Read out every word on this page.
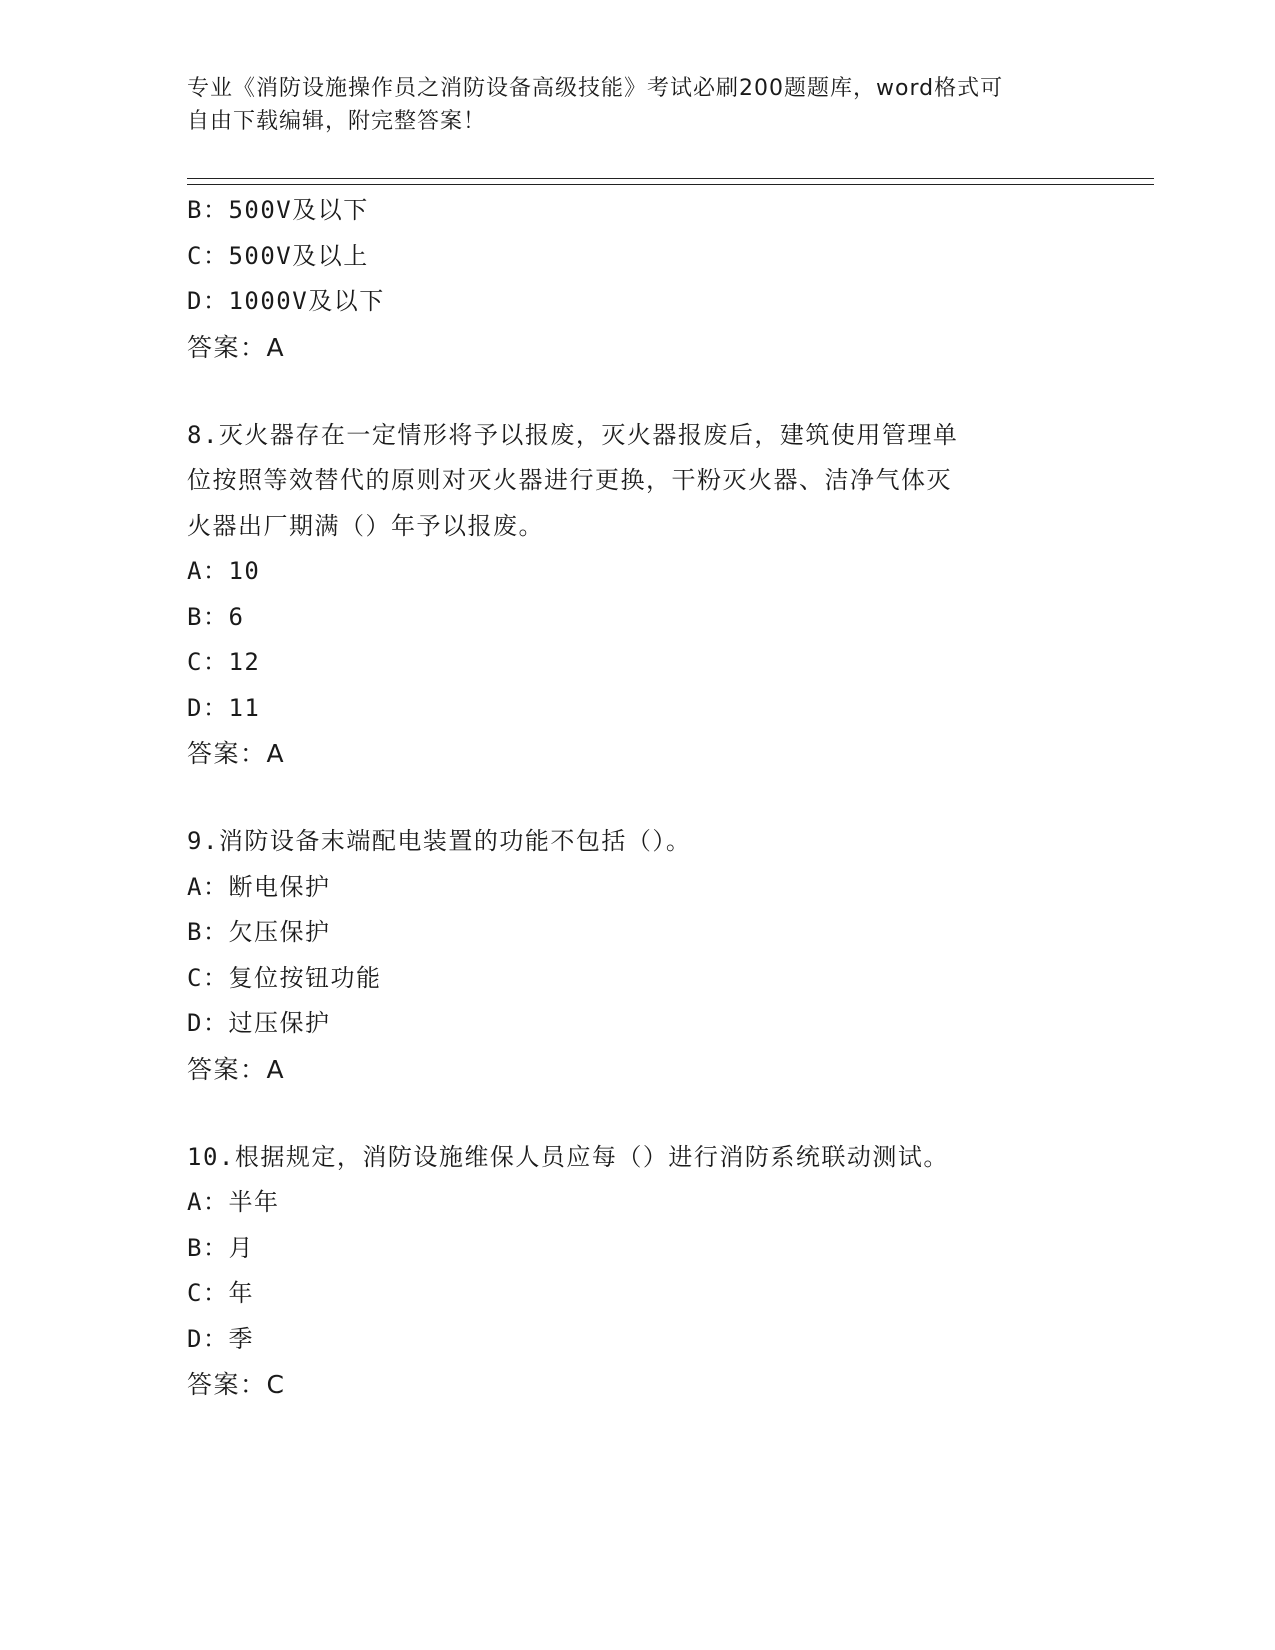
专业《消防设施操作员之消防设备高级技能》考试必刷200题题库，word格式可
自由下载编辑，附完整答案！
B：500V及以下
C：500V及以上
D：1000V及以下
答案：A
8.灭火器存在一定情形将予以报废，灭火器报废后，建筑使用管理单
位按照等效替代的原则对灭火器进行更换，干粉灭火器、洁净气体灭
火器出厂期满（）年予以报废。
A：10
B：6
C：12
D：11
答案：A
9.消防设备末端配电装置的功能不包括（）。
A：断电保护
B：欠压保护
C：复位按钮功能
D：过压保护
答案：A
10.根据规定，消防设施维保人员应每（）进行消防系统联动测试。
A：半年
B：月
C：年
D：季
答案：C
